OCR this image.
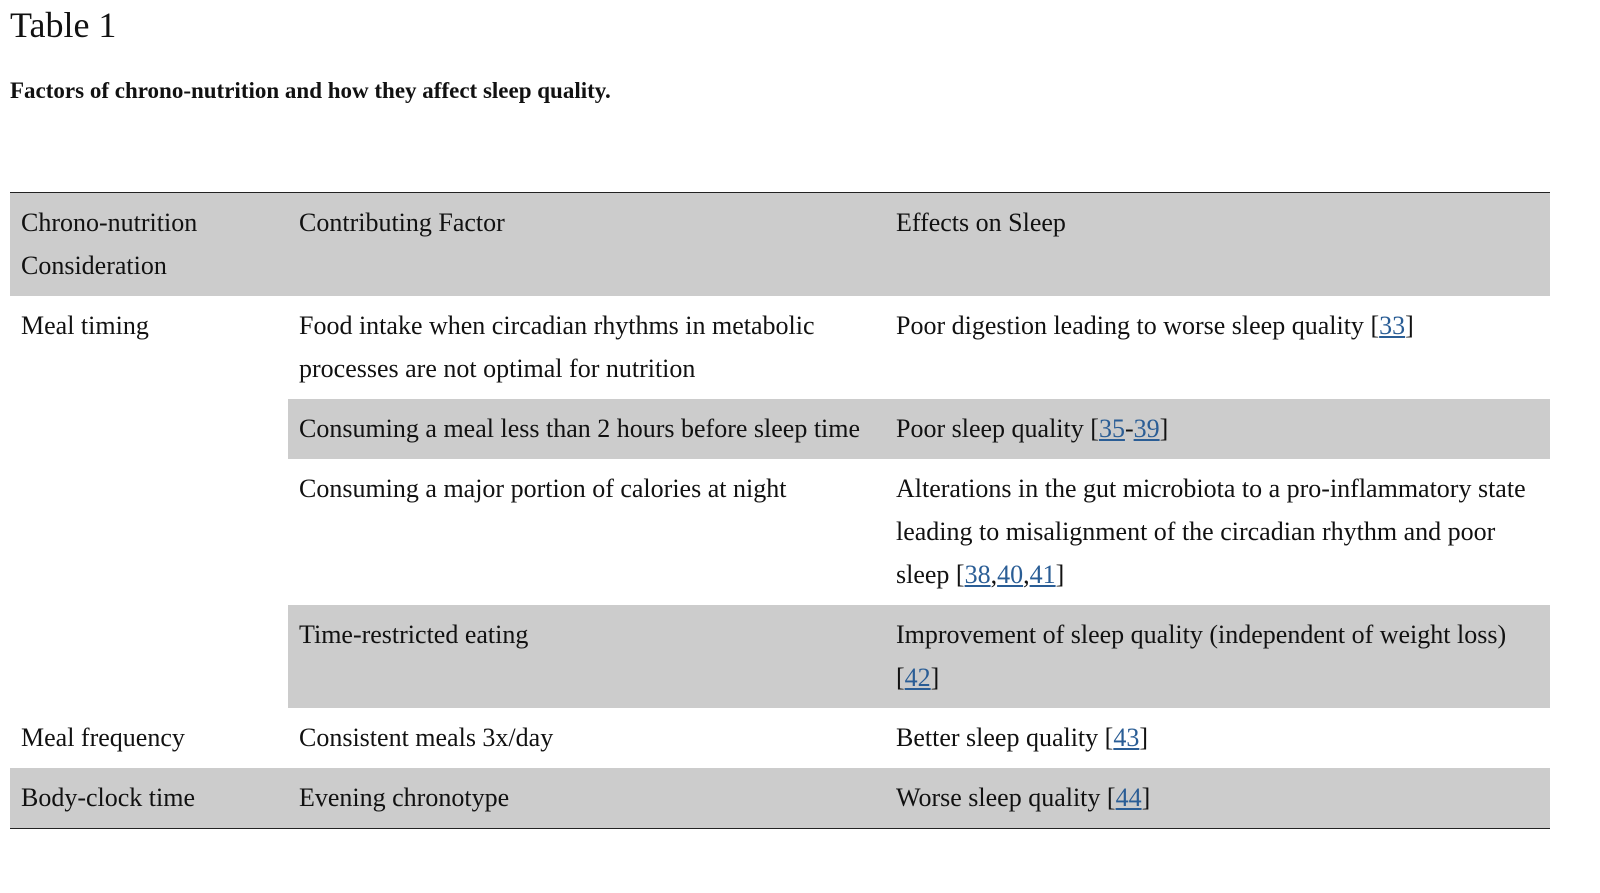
Table 1

Factors of chrono-nutrition and how they affect sleep quality.

Chrono-nutrition Consideration	Contributing Factor	Effects on Sleep
Meal timing	Food intake when circadian rhythms in metabolic processes are not optimal for nutrition	Poor digestion leading to worse sleep quality [33]
	Consuming a meal less than 2 hours before sleep time	Poor sleep quality [35-39]
	Consuming a major portion of calories at night	Alterations in the gut microbiota to a pro-inflammatory state leading to misalignment of the circadian rhythm and poor sleep [38,40,41]
	Time-restricted eating	Improvement of sleep quality (independent of weight loss) [42]
Meal frequency	Consistent meals 3x/day	Better sleep quality [43]
Body-clock time	Evening chronotype	Worse sleep quality [44]
